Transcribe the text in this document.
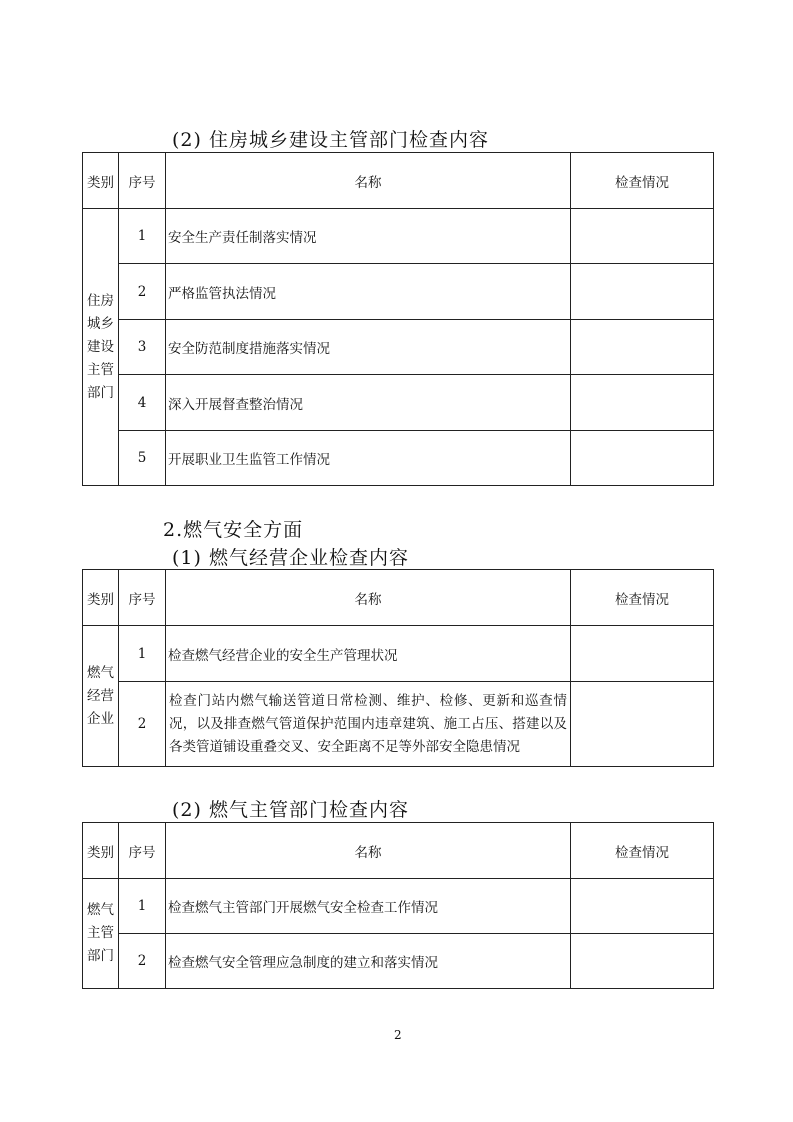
(2) 住房城乡建设主管部门检查内容
类别	序号	名称	检查情况

住房
城乡
建设
主管
部门	1	安全生产责任制落实情况	
	2	严格监管执法情况	
	3	安全防范制度措施落实情况	
	4	深入开展督查整治情况	
	5	开展职业卫生监管工作情况	
2.燃气安全方面
(1) 燃气经营企业检查内容
类别	序号	名称	检查情况

燃气
经营
企业	1	检查燃气经营企业的安全生产管理状况	
	2	检查门站内燃气输送管道日常检测、维护、检修、更新和巡查情况，以及排查燃气管道保护范围内违章建筑、施工占压、搭建以及各类管道铺设重叠交叉、安全距离不足等外部安全隐患情况	
(2) 燃气主管部门检查内容
类别	序号	名称	检查情况

燃气
主管
部门	1	检查燃气主管部门开展燃气安全检查工作情况	
	2	检查燃气安全管理应急制度的建立和落实情况	
2
